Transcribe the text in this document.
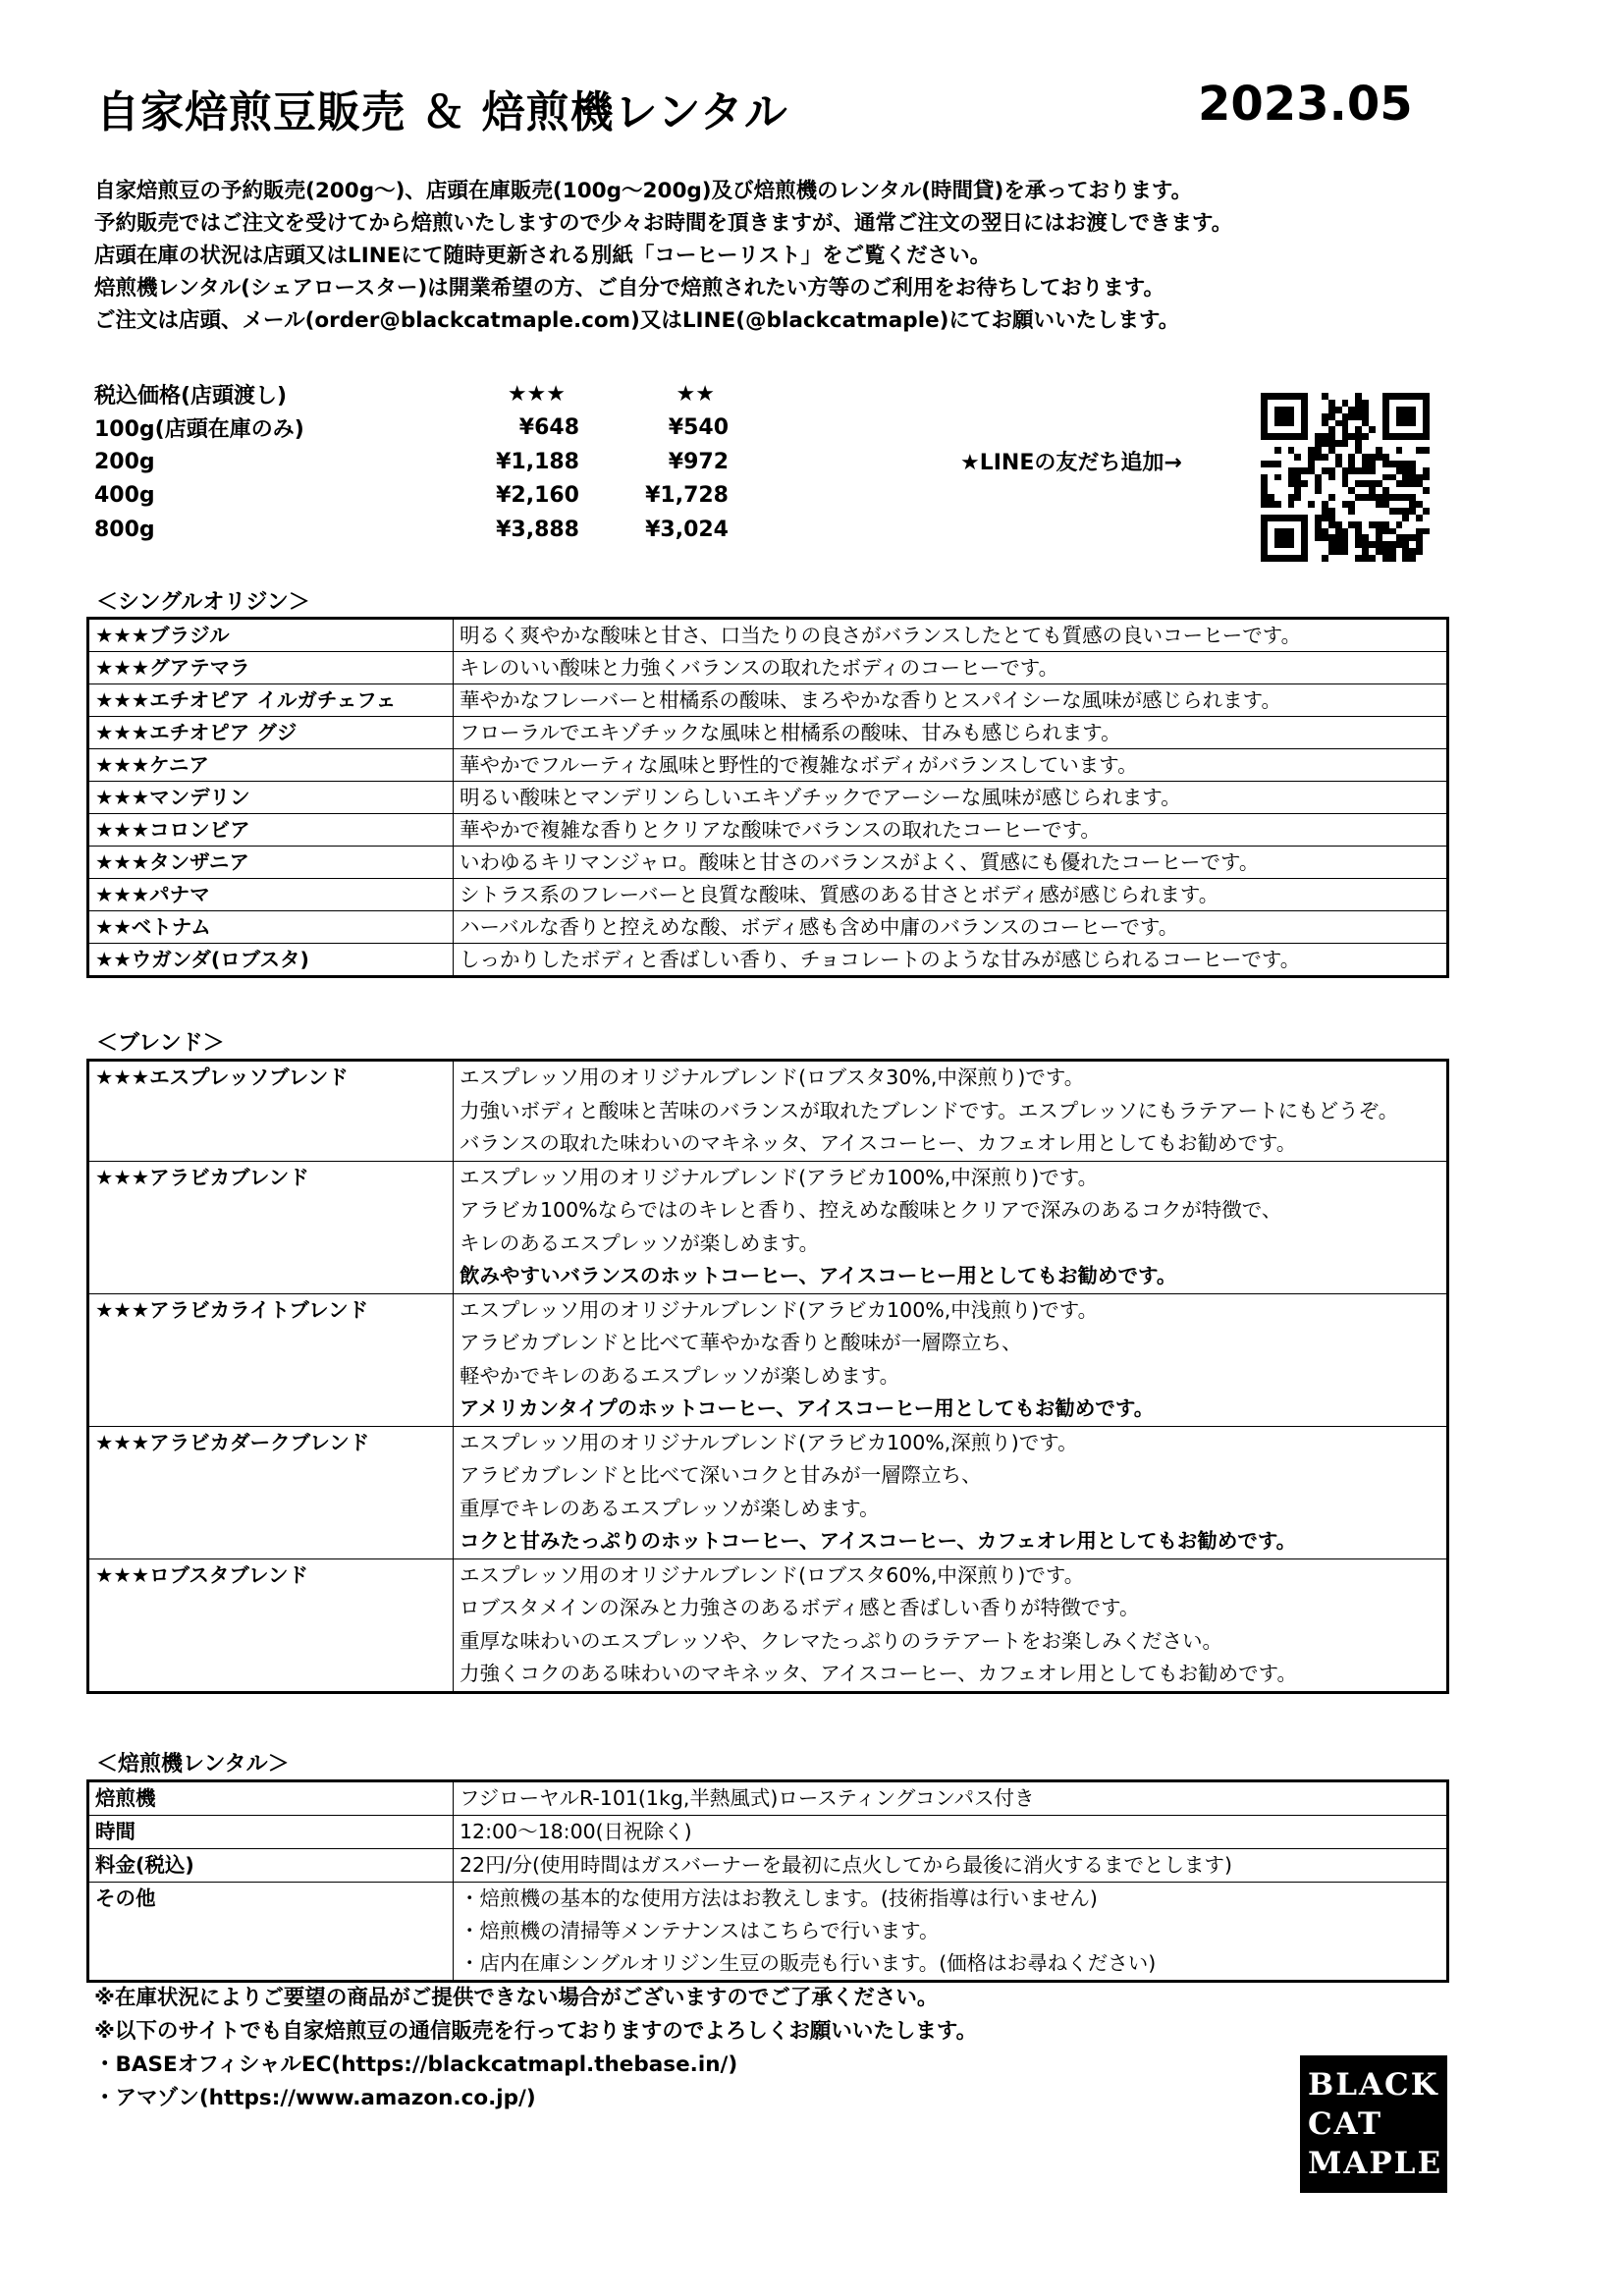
自家焙煎豆販売 ＆ 焙煎機レンタル	2023.05
自家焙煎豆の予約販売(200g～)、店頭在庫販売(100g～200g)及び焙煎機のレンタル(時間貸)を承っております。
予約販売ではご注文を受けてから焙煎いたしますので少々お時間を頂きますが、通常ご注文の翌日にはお渡しできます。
店頭在庫の状況は店頭又はLINEにて随時更新される別紙「コーヒーリスト」をご覧ください。
焙煎機レンタル(シェアロースター)は開業希望の方、ご自分で焙煎されたい方等のご利用をお待ちしております。
ご注文は店頭、メール(order@blackcatmaple.com)又はLINE(@blackcatmaple)にてお願いいたします。
税込価格(店頭渡し)	★★★	★★
100g(店頭在庫のみ)	¥648	¥540
200g	¥1,188	¥972
400g	¥2,160	¥1,728
800g	¥3,888	¥3,024
★LINEの友だち追加→
＜シングルオリジン＞
★★★ブラジル	明るく爽やかな酸味と甘さ、口当たりの良さがバランスしたとても質感の良いコーヒーです。
★★★グアテマラ	キレのいい酸味と力強くバランスの取れたボディのコーヒーです。
★★★エチオピア イルガチェフェ	華やかなフレーバーと柑橘系の酸味、まろやかな香りとスパイシーな風味が感じられます。
★★★エチオピア グジ	フローラルでエキゾチックな風味と柑橘系の酸味、甘みも感じられます。
★★★ケニア	華やかでフルーティな風味と野性的で複雑なボディがバランスしています。
★★★マンデリン	明るい酸味とマンデリンらしいエキゾチックでアーシーな風味が感じられます。
★★★コロンビア	華やかで複雑な香りとクリアな酸味でバランスの取れたコーヒーです。
★★★タンザニア	いわゆるキリマンジャロ。酸味と甘さのバランスがよく、質感にも優れたコーヒーです。
★★★パナマ	シトラス系のフレーバーと良質な酸味、質感のある甘さとボディ感が感じられます。
★★ベトナム	ハーバルな香りと控えめな酸、ボディ感も含め中庸のバランスのコーヒーです。
★★ウガンダ(ロブスタ)	しっかりしたボディと香ばしい香り、チョコレートのような甘みが感じられるコーヒーです。
＜ブレンド＞
★★★エスプレッソブレンド	エスプレッソ用のオリジナルブレンド(ロブスタ30%,中深煎り)です。
力強いボディと酸味と苦味のバランスが取れたブレンドです。エスプレッソにもラテアートにもどうぞ。
バランスの取れた味わいのマキネッタ、アイスコーヒー、カフェオレ用としてもお勧めです。

★★★アラビカブレンド	エスプレッソ用のオリジナルブレンド(アラビカ100%,中深煎り)です。
アラビカ100%ならではのキレと香り、控えめな酸味とクリアで深みのあるコクが特徴で、
キレのあるエスプレッソが楽しめます。
飲みやすいバランスのホットコーヒー、アイスコーヒー用としてもお勧めです。

★★★アラビカライトブレンド	エスプレッソ用のオリジナルブレンド(アラビカ100%,中浅煎り)です。
アラビカブレンドと比べて華やかな香りと酸味が一層際立ち、
軽やかでキレのあるエスプレッソが楽しめます。
アメリカンタイプのホットコーヒー、アイスコーヒー用としてもお勧めです。

★★★アラビカダークブレンド	エスプレッソ用のオリジナルブレンド(アラビカ100%,深煎り)です。
アラビカブレンドと比べて深いコクと甘みが一層際立ち、
重厚でキレのあるエスプレッソが楽しめます。
コクと甘みたっぷりのホットコーヒー、アイスコーヒー、カフェオレ用としてもお勧めです。

★★★ロブスタブレンド	エスプレッソ用のオリジナルブレンド(ロブスタ60%,中深煎り)です。
ロブスタメインの深みと力強さのあるボディ感と香ばしい香りが特徴です。
重厚な味わいのエスプレッソや、クレマたっぷりのラテアートをお楽しみください。
力強くコクのある味わいのマキネッタ、アイスコーヒー、カフェオレ用としてもお勧めです。
＜焙煎機レンタル＞
焙煎機	フジローヤルR-101(1kg,半熱風式)ロースティングコンパス付き
時間	12:00～18:00(日祝除く)
料金(税込)	22円/分(使用時間はガスバーナーを最初に点火してから最後に消火するまでとします)
その他	・焙煎機の基本的な使用方法はお教えします。(技術指導は行いません)
・焙煎機の清掃等メンテナンスはこちらで行います。
・店内在庫シングルオリジン生豆の販売も行います。(価格はお尋ねください)
※在庫状況によりご要望の商品がご提供できない場合がございますのでご了承ください。
※以下のサイトでも自家焙煎豆の通信販売を行っておりますのでよろしくお願いいたします。
・BASEオフィシャルEC(https://blackcatmapl.thebase.in/)
・アマゾン(https://www.amazon.co.jp/)	BLACK
CAT
MAPLE
